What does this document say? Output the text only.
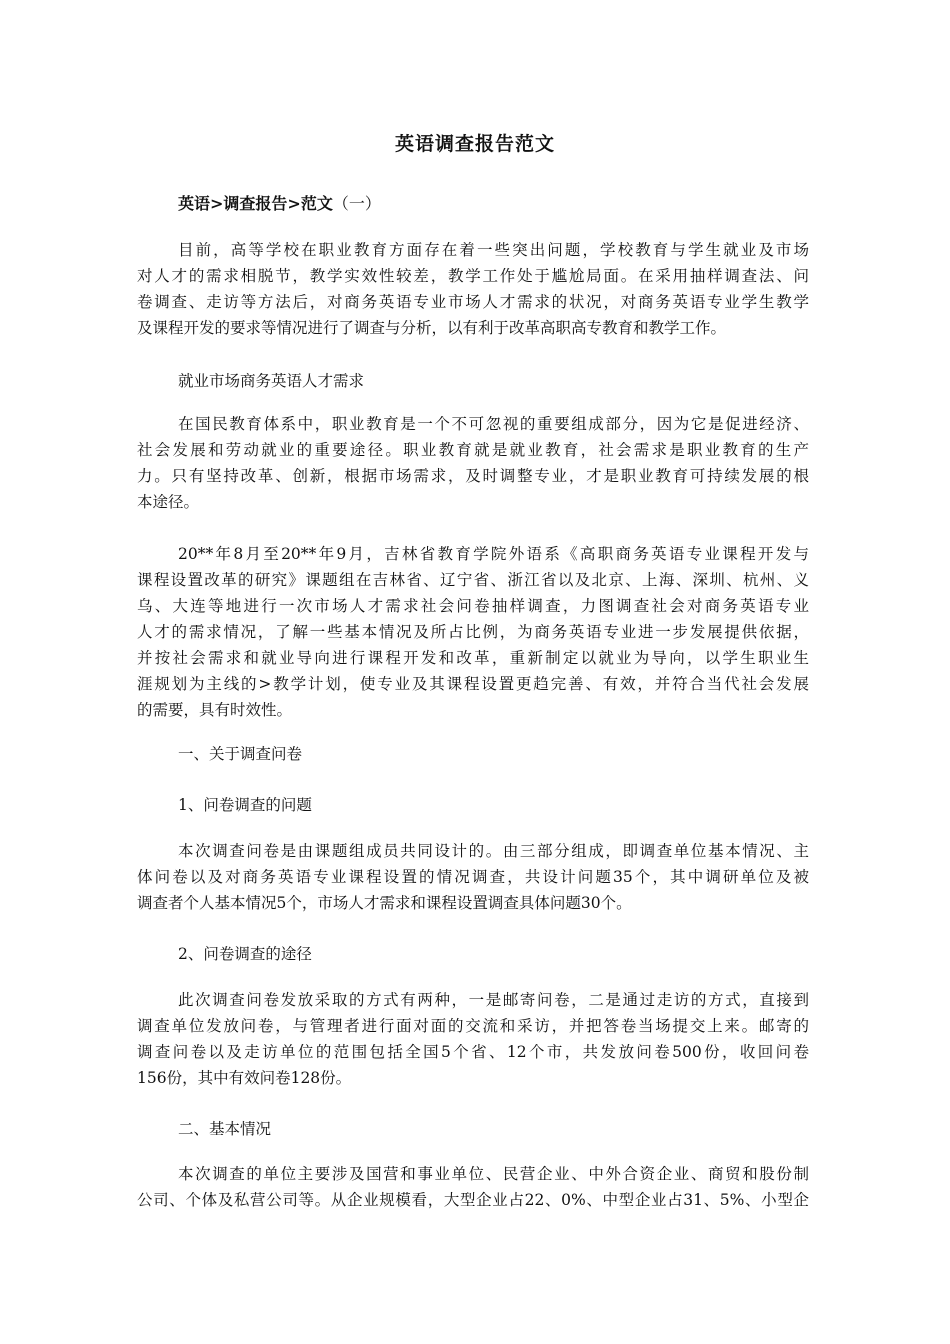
英语调查报告范文
英语>调查报告>范文（一）
目前，高等学校在职业教育方面存在着一些突出问题，学校教育与学生就业及市场
对人才的需求相脱节，教学实效性较差，教学工作处于尴尬局面。在采用抽样调查法、问
卷调查、走访等方法后，对商务英语专业市场人才需求的状况，对商务英语专业学生教学
及课程开发的要求等情况进行了调查与分析，以有利于改革高职高专教育和教学工作。
就业市场商务英语人才需求
在国民教育体系中，职业教育是一个不可忽视的重要组成部分，因为它是促进经济、
社会发展和劳动就业的重要途径。职业教育就是就业教育，社会需求是职业教育的生产
力。只有坚持改革、创新，根据市场需求，及时调整专业，才是职业教育可持续发展的根
本途径。
20**年8月至20**年9月，吉林省教育学院外语系《高职商务英语专业课程开发与
课程设置改革的研究》课题组在吉林省、辽宁省、浙江省以及北京、上海、深圳、杭州、义
乌、大连等地进行一次市场人才需求社会问卷抽样调查，力图调查社会对商务英语专业
人才的需求情况，了解一些基本情况及所占比例，为商务英语专业进一步发展提供依据，
并按社会需求和就业导向进行课程开发和改革，重新制定以就业为导向，以学生职业生
涯规划为主线的>教学计划，使专业及其课程设置更趋完善、有效，并符合当代社会发展
的需要，具有时效性。
一、关于调查问卷
1、问卷调查的问题
本次调查问卷是由课题组成员共同设计的。由三部分组成，即调查单位基本情况、主
体问卷以及对商务英语专业课程设置的情况调查，共设计问题35个，其中调研单位及被
调查者个人基本情况5个，市场人才需求和课程设置调查具体问题30个。
2、问卷调查的途径
此次调查问卷发放采取的方式有两种，一是邮寄问卷，二是通过走访的方式，直接到
调查单位发放问卷，与管理者进行面对面的交流和采访，并把答卷当场提交上来。邮寄的
调查问卷以及走访单位的范围包括全国5个省、12个市，共发放问卷500份，收回问卷
156份，其中有效问卷128份。
二、基本情况
本次调查的单位主要涉及国营和事业单位、民营企业、中外合资企业、商贸和股份制
公司、个体及私营公司等。从企业规模看，大型企业占22、0%、中型企业占31、5%、小型企
